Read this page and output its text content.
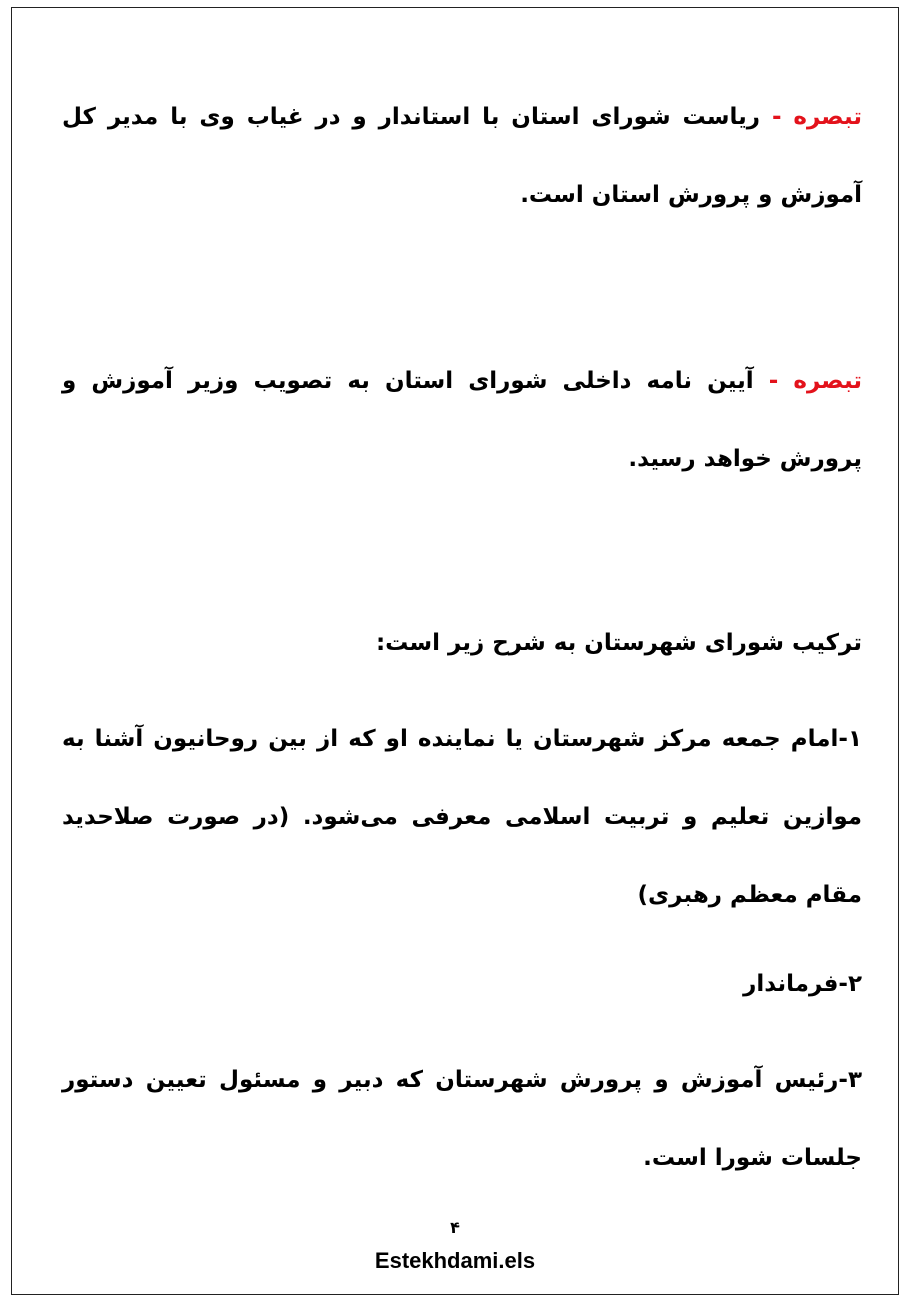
تبصره - ریاست شورای استان با استاندار و در غیاب وی با مدیر کل آموزش و پرورش استان است.

تبصره - آیین نامه داخلی شورای استان به تصویب وزیر آموزش و پرورش خواهد رسید.

ترکیب شورای شهرستان به شرح زیر است:

۱-امام جمعه مرکز شهرستان یا نماینده او که از بین روحانیون آشنا به موازین تعلیم و تربیت اسلامی معرفی می‌شود. (در صورت صلاحدید مقام معظم رهبری)

۲-فرماندار

۳-رئیس آموزش و پرورش شهرستان که دبیر و مسئول تعیین دستور جلسات شورا است.

۴
Estekhdami.els
